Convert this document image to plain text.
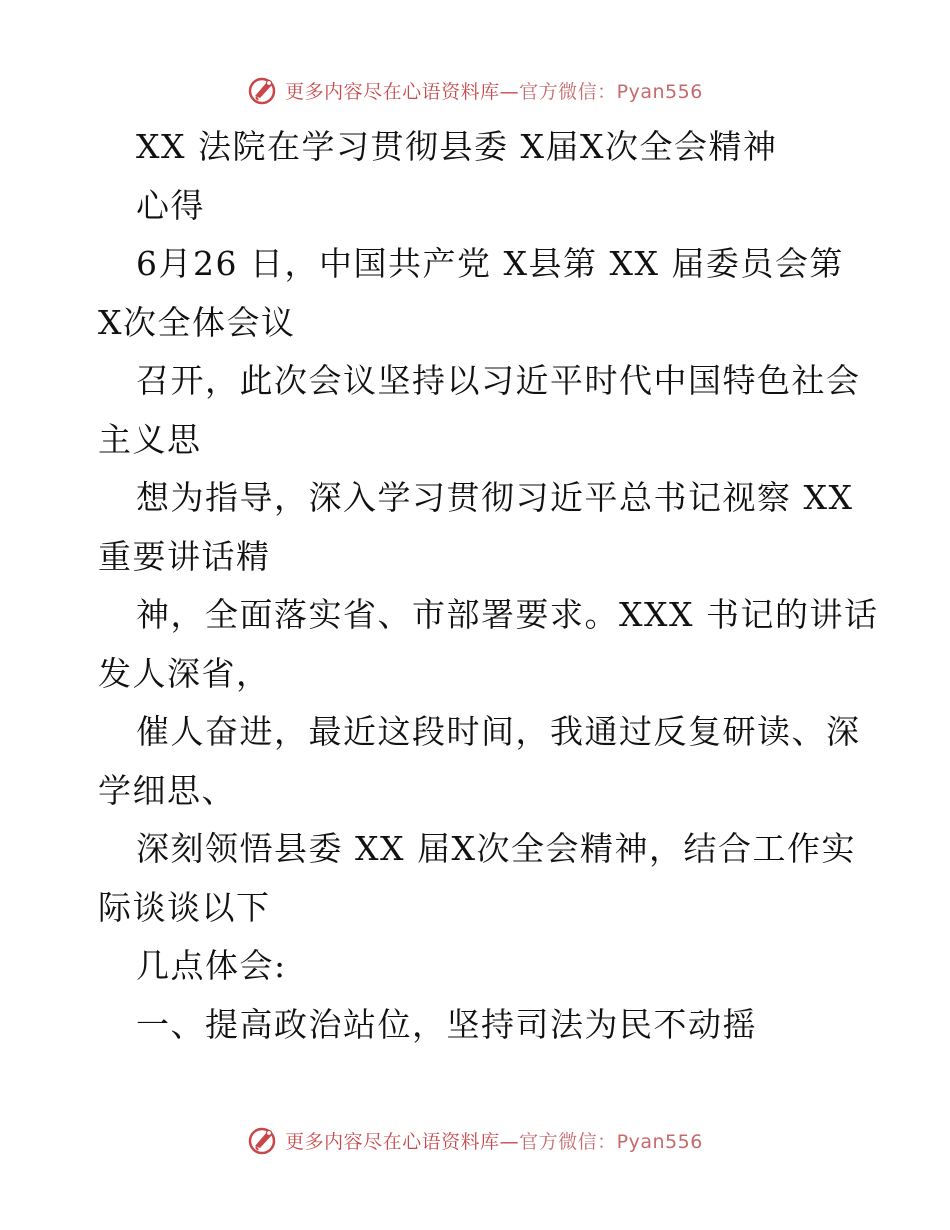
更多内容尽在心语资料库—官方微信：Pyan556
XX 法院在学习贯彻县委 X届X次全会精神
心得
6月26 日，中国共产党 X县第 XX 届委员会第
X次全体会议
召开，此次会议坚持以习近平时代中国特色社会
主义思
想为指导，深入学习贯彻习近平总书记视察 XX
重要讲话精
神，全面落实省、市部署要求。XXX 书记的讲话
发人深省，
催人奋进，最近这段时间，我通过反复研读、深
学细思、
深刻领悟县委 XX 届X次全会精神，结合工作实
际谈谈以下
几点体会:
一、提高政治站位，坚持司法为民不动摇
更多内容尽在心语资料库—官方微信：Pyan556
